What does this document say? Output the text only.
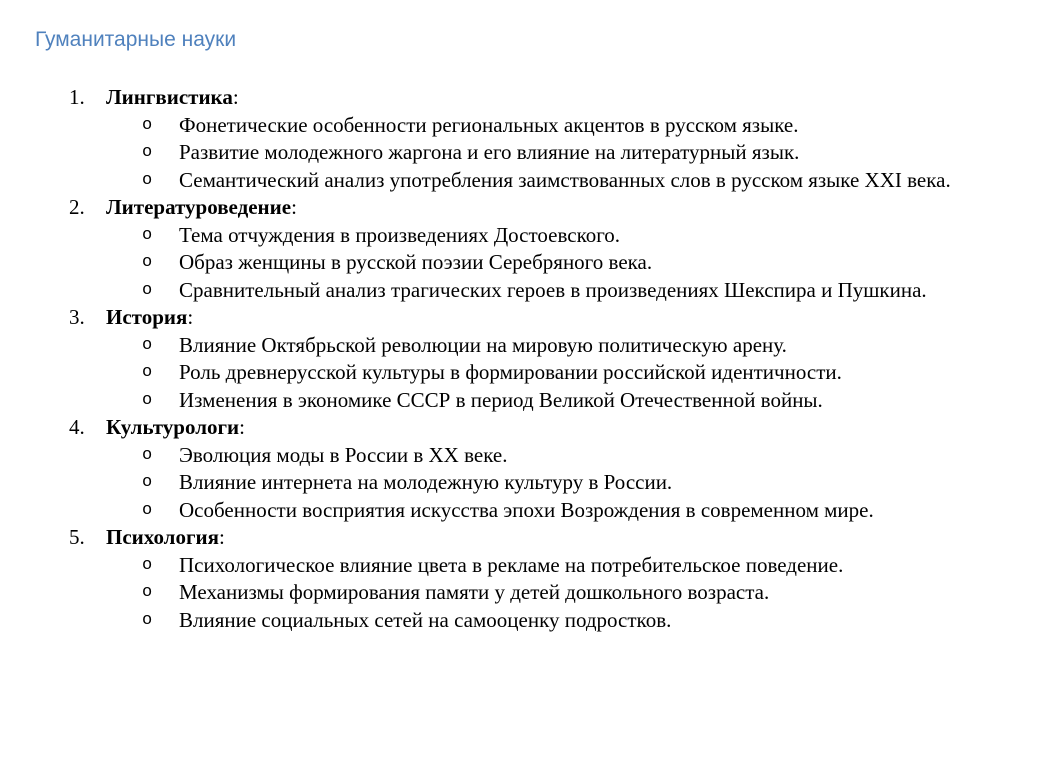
Гуманитарные науки
1. Лингвистика:
o Фонетические особенности региональных акцентов в русском языке.
o Развитие молодежного жаргона и его влияние на литературный язык.
o Семантический анализ употребления заимствованных слов в русском языке XXI века.
2. Литературоведение:
o Тема отчуждения в произведениях Достоевского.
o Образ женщины в русской поэзии Серебряного века.
o Сравнительный анализ трагических героев в произведениях Шекспира и Пушкина.
3. История:
o Влияние Октябрьской революции на мировую политическую арену.
o Роль древнерусской культуры в формировании российской идентичности.
o Изменения в экономике СССР в период Великой Отечественной войны.
4. Культурологи:
o Эволюция моды в России в XX веке.
o Влияние интернета на молодежную культуру в России.
o Особенности восприятия искусства эпохи Возрождения в современном мире.
5. Психология:
o Психологическое влияние цвета в рекламе на потребительское поведение.
o Механизмы формирования памяти у детей дошкольного возраста.
o Влияние социальных сетей на самооценку подростков.
